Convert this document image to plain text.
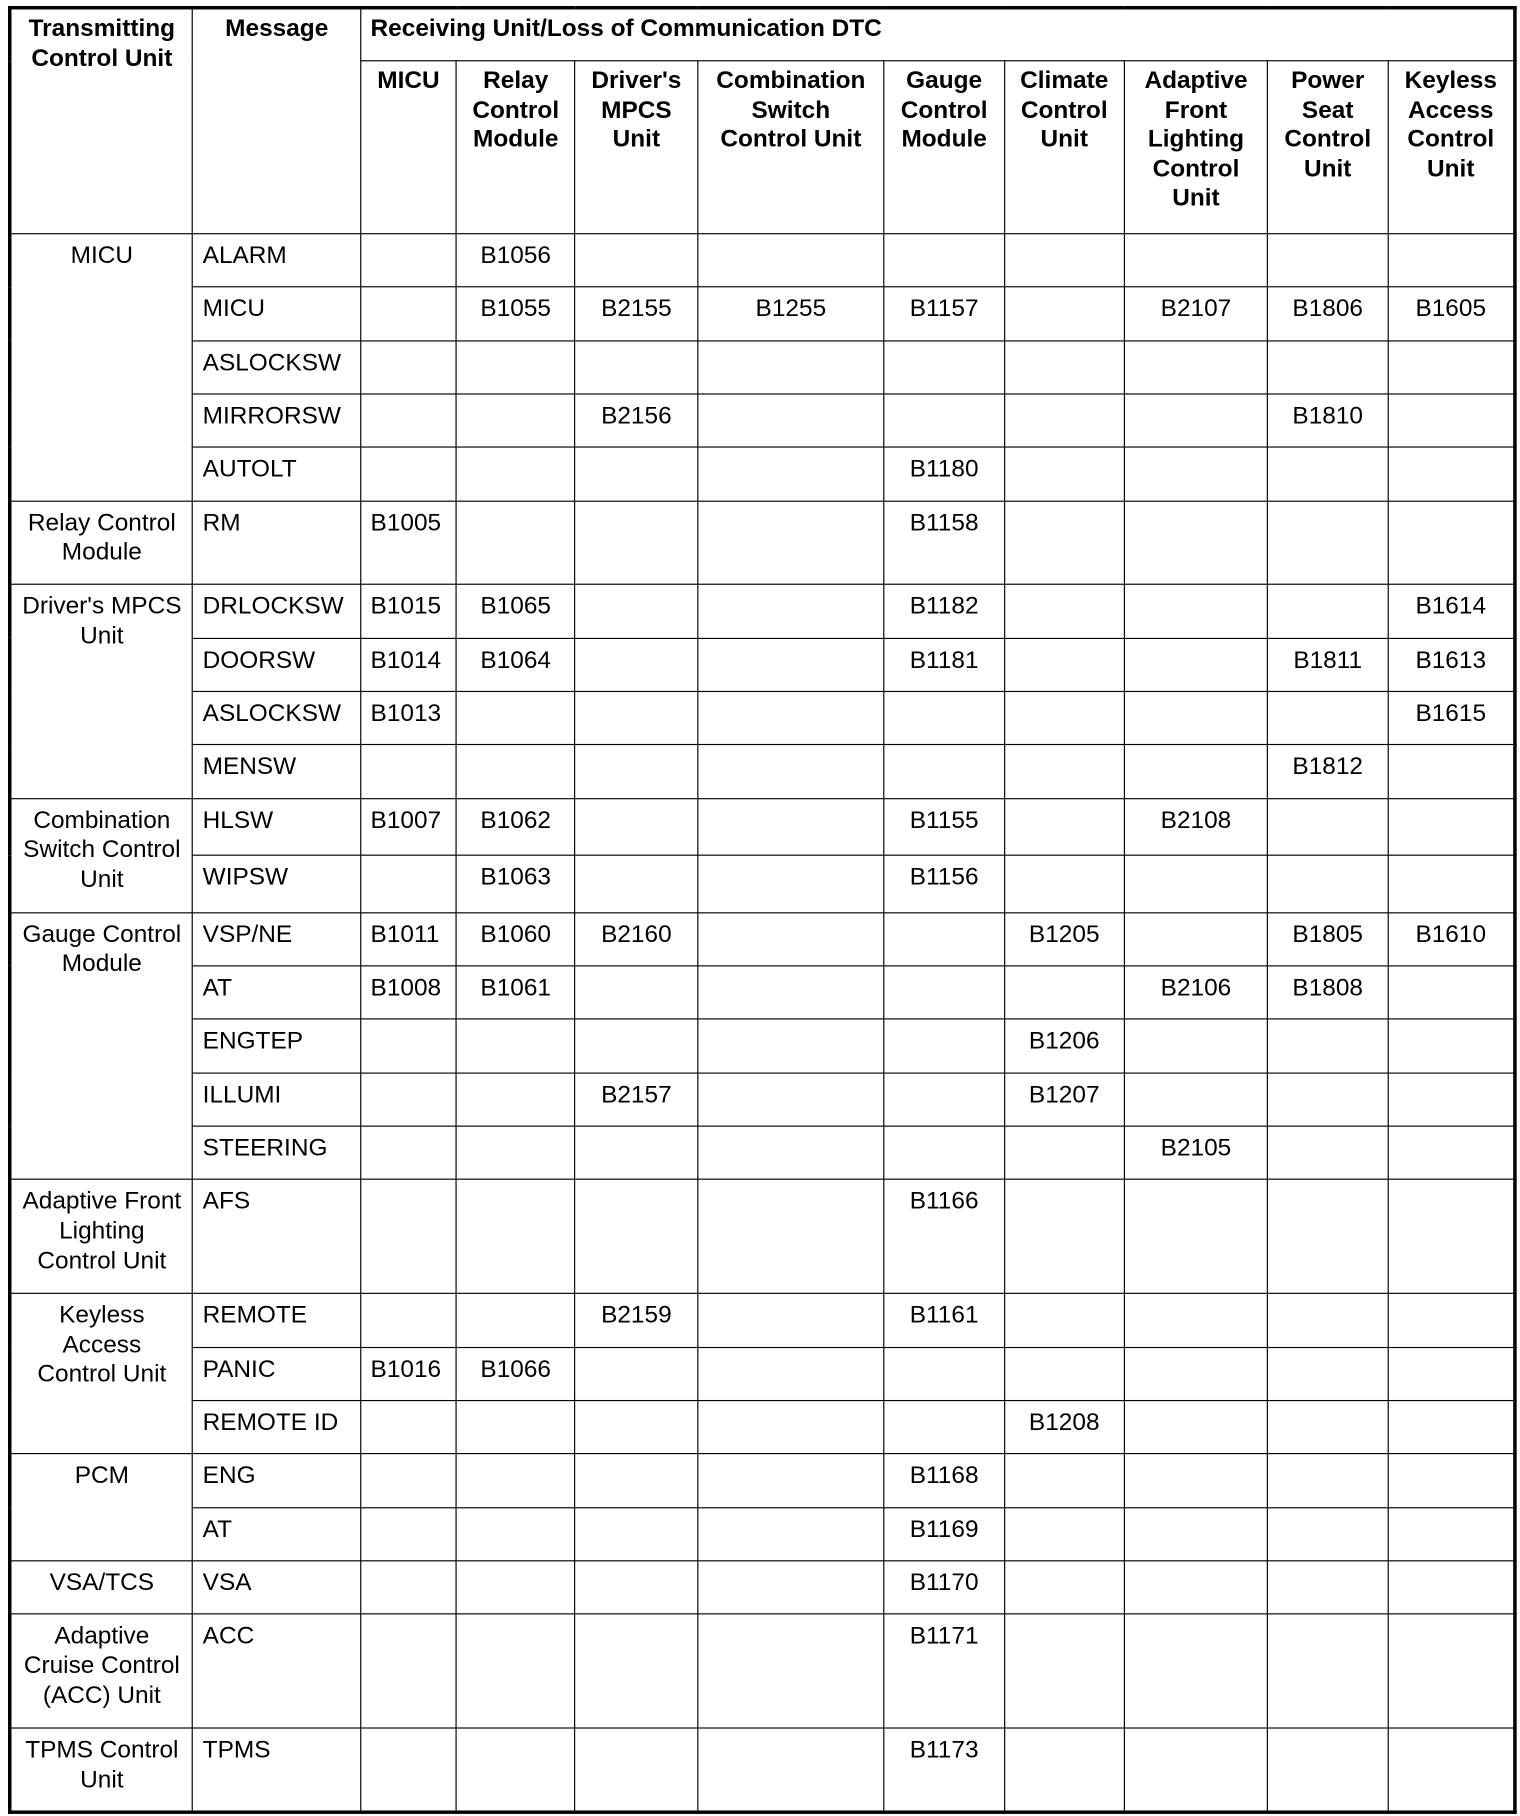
Transmitting Control Unit	Message	Receiving Unit/Loss of Communication DTC								
		MICU	Relay Control Module	Driver's MPCS Unit	Combination Switch Control Unit	Gauge Control Module	Climate Control Unit	Adaptive Front Lighting Control Unit	Power Seat Control Unit	Keyless Access Control Unit
MICU	ALARM		B1056							
	MICU		B1055	B2155	B1255	B1157		B2107	B1806	B1605
	ASLOCKSW									
	MIRRORSW			B2156					B1810	
	AUTOLT					B1180				
Relay Control Module	RM	B1005				B1158				
Driver's MPCS Unit	DRLOCKSW	B1015	B1065			B1182				B1614
	DOORSW	B1014	B1064			B1181			B1811	B1613
	ASLOCKSW	B1013								B1615
	MENSW								B1812	
Combination Switch Control Unit	HLSW	B1007	B1062			B1155		B2108		
	WIPSW		B1063			B1156				
Gauge Control Module	VSP/NE	B1011	B1060	B2160			B1205		B1805	B1610
	AT	B1008	B1061					B2106	B1808	
	ENGTEP						B1206			
	ILLUMI			B2157			B1207			
	STEERING							B2105		
Adaptive Front Lighting Control Unit	AFS					B1166				
Keyless Access Control Unit	REMOTE			B2159		B1161				
	PANIC	B1016	B1066							
	REMOTE ID						B1208			
PCM	ENG					B1168				
	AT					B1169				
VSA/TCS	VSA					B1170				
Adaptive Cruise Control (ACC) Unit	ACC					B1171				
TPMS Control Unit	TPMS					B1173				
